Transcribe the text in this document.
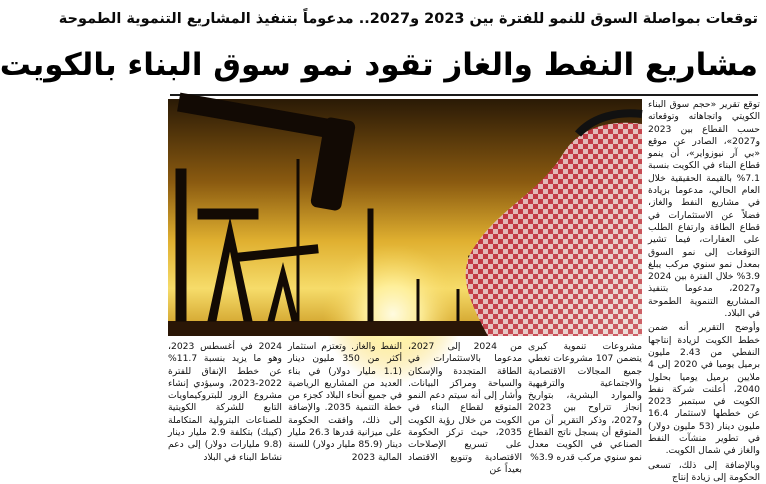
توقعات بمواصلة السوق للنمو للفترة بين 2023 و2027.. مدعوماً بتنفيذ المشاريع التنموية الطموحة
مشاريع النفط والغاز تقود نمو سوق البناء بالكويت

توقع تقرير «حجم سوق البناء الكويتي واتجاهاته وتوقعاته حسب القطاع بين 2023 و2027»، الصادر عن موقع «بي آر نيوزواير»، أن ينمو قطاع البناء في الكويت بنسبة 7.1% بالقيمة الحقيقية خلال العام الحالي، مدعوما بزيادة في مشاريع النفط والغاز، فضلاً عن الاستثمارات في قطاع الطاقة وارتفاع الطلب على العقارات، فيما تشير التوقعات إلى نمو السوق بمعدل نمو سنوي مركب يبلغ 3.9% خلال الفترة بين 2024 و2027، مدعوما بتنفيذ المشاريع التنموية الطموحة في البلاد.

وأوضح التقرير أنه ضمن خطط الكويت لزيادة إنتاجها النفطي من 2.43 مليون برميل يوميا في 2020 إلى 4 ملايين برميل يوميا بحلول 2040، أعلنت شركة نفط الكويت في سبتمبر 2023 عن خططها لاستثمار 16.4 مليون دينار (53 مليون دولار) في تطوير منشآت النفط والغاز في شمال الكويت.

وبالإضافة إلى ذلك، تسعى الحكومة إلى زيادة إنتاج

مشروعات تنموية كبرى يتضمن 107 مشروعات تغطي جميع المجالات الاقتصادية والاجتماعية والترفيهية والموارد البشرية، بتواريخ إنجاز تتراوح بين 2023 و2027، وذكر التقرير أن من المتوقع أن يسجل ناتج القطاع الصناعي في الكويت معدل نمو سنوي مركب قدره 3.9%

من 2024 إلى 2027، مدعوما بالاستثمارات في الطاقة المتجددة والإسكان والسياحة ومراكز البيانات. وأشار إلى أنه سيتم دعم النمو المتوقع لقطاع البناء في الكويت من خلال رؤية الكويت 2035، حيث تركز الحكومة على تسريع الإصلاحات الاقتصادية وتنويع الاقتصاد بعيداً عن

النفط والغاز. وتعتزم استثمار أكثر من 350 مليون دينار (1.1 مليار دولار) في بناء العديد من المشاريع الرياضية في جميع أنحاء البلاد كجزء من خطة التنمية 2035. والإضافة إلى ذلك، وافقت الحكومة على ميزانية قدرها 26.3 مليار دينار (85.9 مليار دولار) للسنة المالية 2023

2024 في أغسطس 2023، وهو ما يزيد بنسبة 11.7% عن خطط الإنفاق للفترة 2022-2023، وسيؤدي إنشاء مشروع الزور للبتروكيماويات التابع للشركة الكويتية للصناعات البترولية المتكاملة (كيبك) بتكلفة 2.9 مليار دينار (9.8 مليارات دولار) إلى دعم نشاط البناء في البلاد
